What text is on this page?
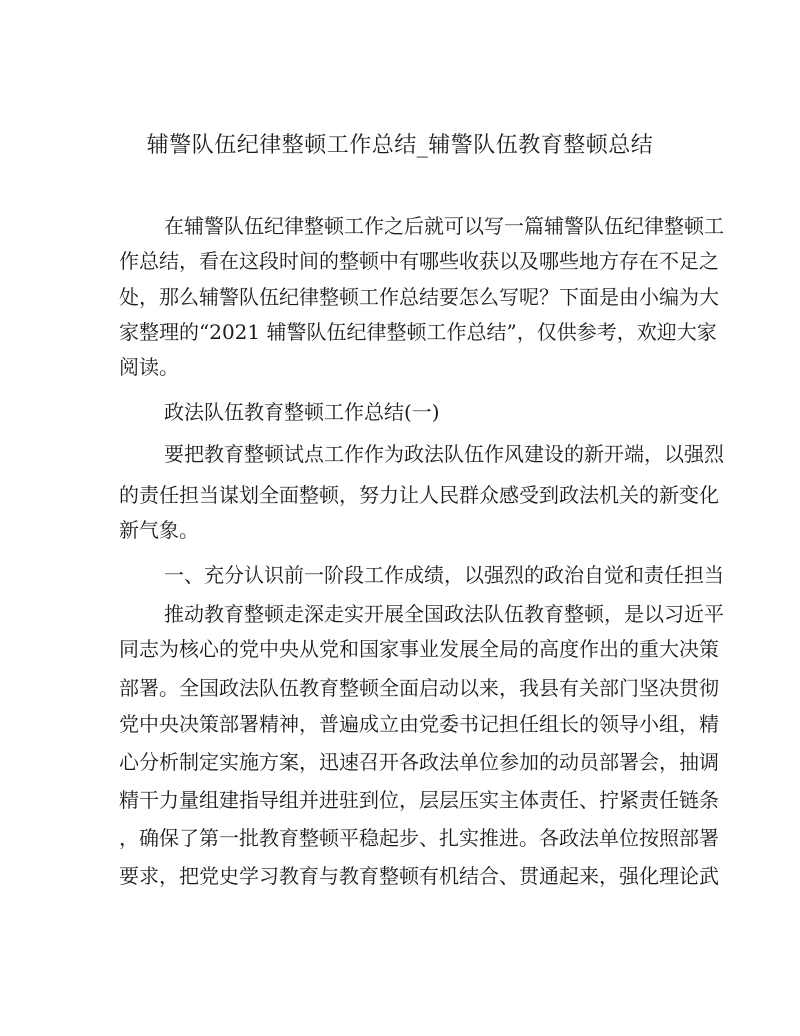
辅警队伍纪律整顿工作总结_辅警队伍教育整顿总结
在辅警队伍纪律整顿工作之后就可以写一篇辅警队伍纪律整顿工
作总结，看在这段时间的整顿中有哪些收获以及哪些地方存在不足之
处，那么辅警队伍纪律整顿工作总结要怎么写呢？下面是由小编为大
家整理的“2021 辅警队伍纪律整顿工作总结”，仅供参考，欢迎大家
阅读。
政法队伍教育整顿工作总结(一)
要把教育整顿试点工作作为政法队伍作风建设的新开端，以强烈
的责任担当谋划全面整顿，努力让人民群众感受到政法机关的新变化
新气象。
一、充分认识前一阶段工作成绩，以强烈的政治自觉和责任担当
推动教育整顿走深走实开展全国政法队伍教育整顿，是以习近平
同志为核心的党中央从党和国家事业发展全局的高度作出的重大决策
部署。全国政法队伍教育整顿全面启动以来，我县有关部门坚决贯彻
党中央决策部署精神，普遍成立由党委书记担任组长的领导小组，精
心分析制定实施方案，迅速召开各政法单位参加的动员部署会，抽调
精干力量组建指导组并进驻到位，层层压实主体责任、拧紧责任链条
，确保了第一批教育整顿平稳起步、扎实推进。各政法单位按照部署
要求，把党史学习教育与教育整顿有机结合、贯通起来，强化理论武
